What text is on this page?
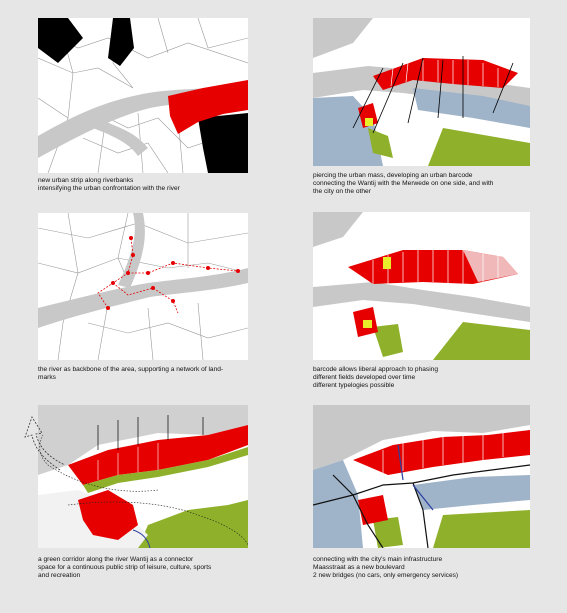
new urban strip along riverbanks
intensifying the urban confrontation with the river
piercing the urban mass, developing an urban barcode
connecting the Wantij with the Merwede on one side, and with
the city on the other
the river as backbone of the area, supporting a network of land-
marks
barcode allows liberal approach to phasing
different fields developed over time
different typelogies possible
a green corridor along the river Wantij as a connector
space for a continuous public strip of leisure, culture, sports
and recreation
connecting with the city's main infrastructure
Maasstraat as a new boulevard
2 new bridges (no cars, only emergency services)
